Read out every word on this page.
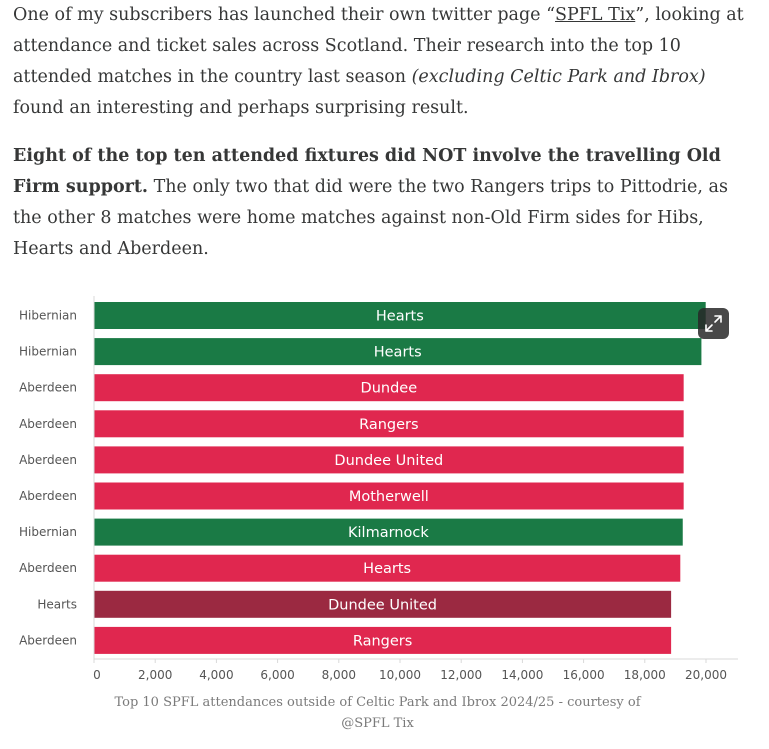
One of my subscribers has launched their own twitter page “SPFL Tix”, looking at attendance and ticket sales across Scotland. Their research into the top 10 attended matches in the country last season (excluding Celtic Park and Ibrox) found an interesting and perhaps surprising result.

Eight of the top ten attended fixtures did NOT involve the travelling Old Firm support. The only two that did were the two Rangers trips to Pittodrie, as the other 8 matches were home matches against non-Old Firm sides for Hibs, Hearts and Aberdeen.

Hearts
Hibernian
Hearts
Hibernian
Dundee
Aberdeen
Rangers
Aberdeen
Dundee United
Aberdeen
Motherwell
Aberdeen
Kilmarnock
Hibernian
Hearts
Aberdeen
Dundee United
Hearts
Rangers
Aberdeen
0	2,000 4,000 6,000 8,000 10,000 12,000 14,000 16,000 18,000 20,000
Top 10 SPFL attendances outside of Celtic Park and Ibrox 2024/25 - courtesy of @SPFL Tix
